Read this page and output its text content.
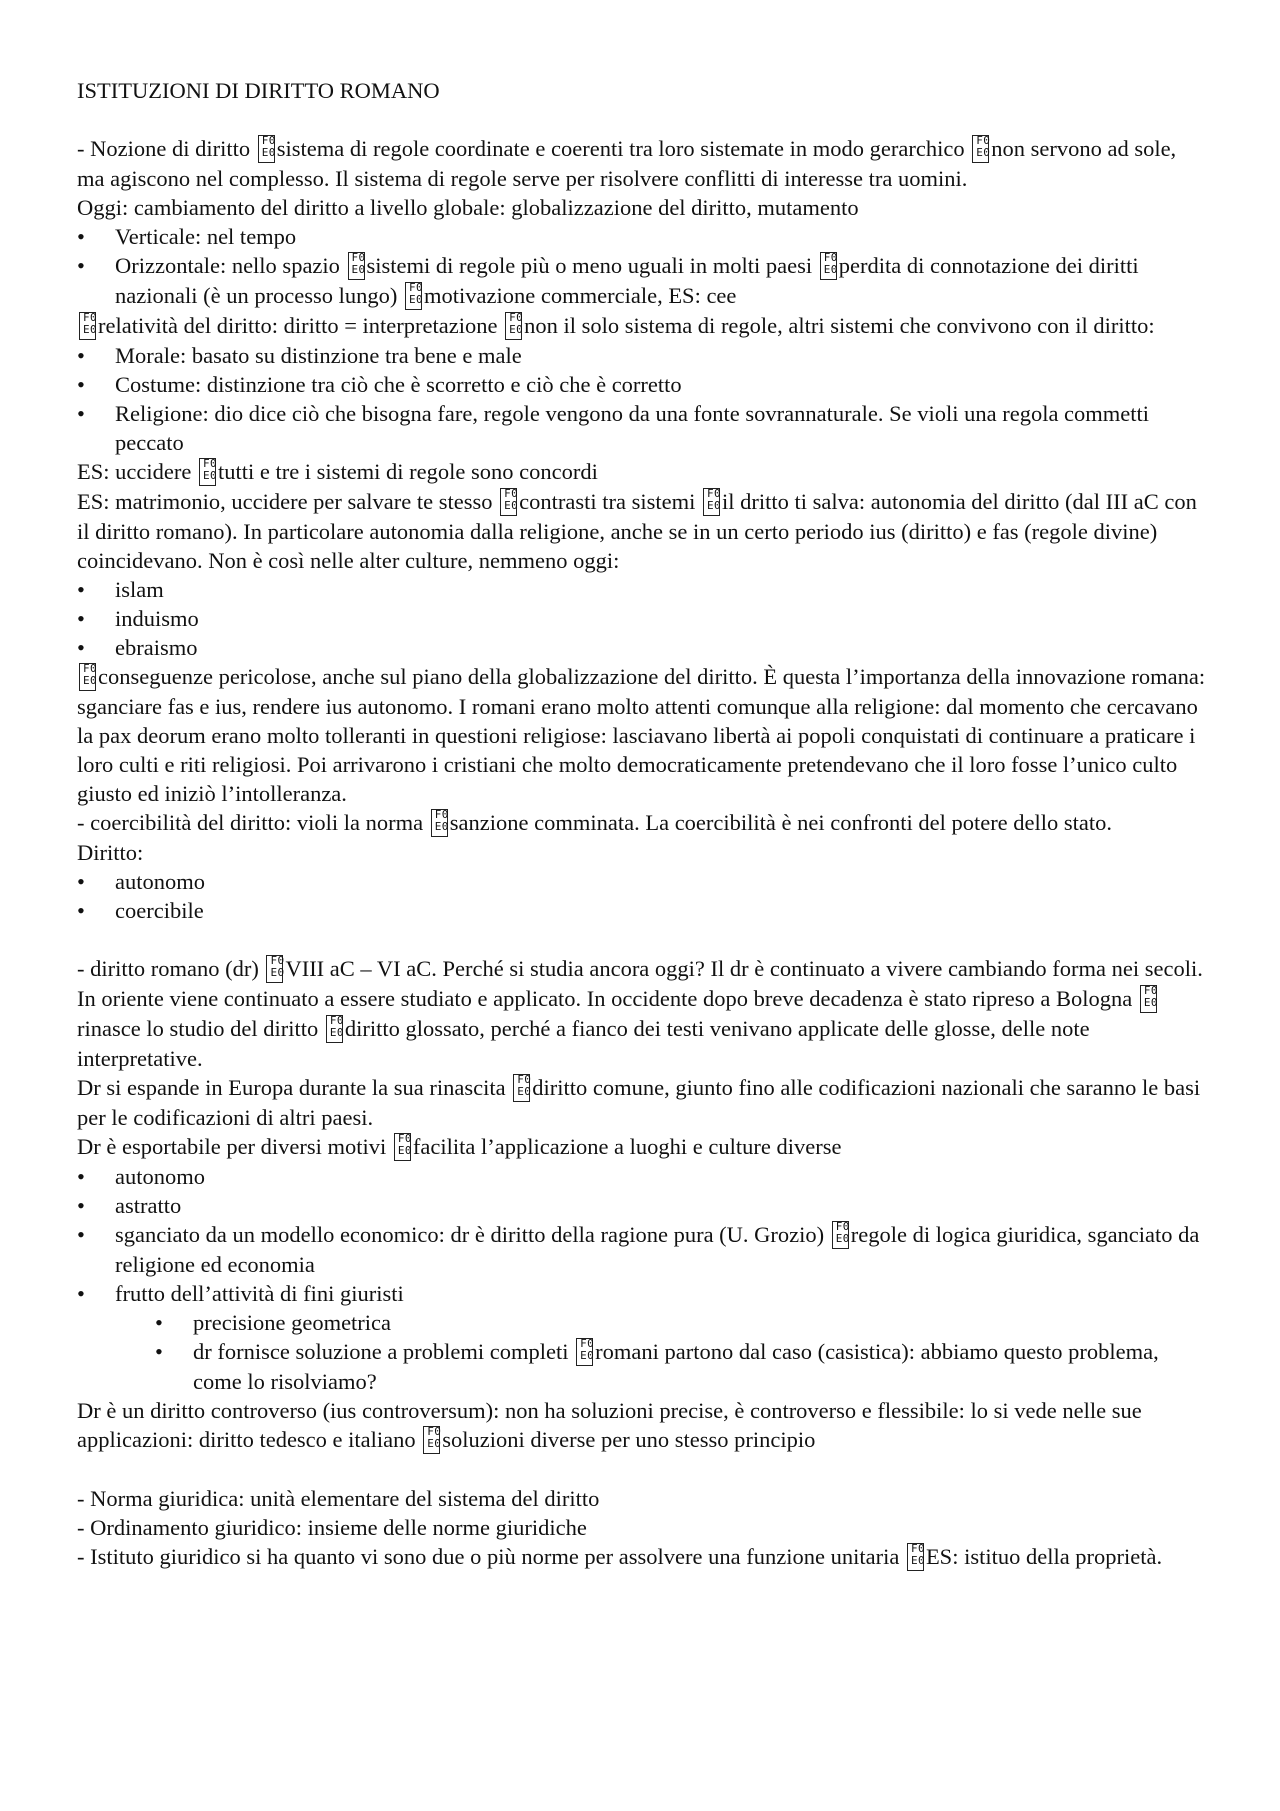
ISTITUZIONI DI DIRITTO ROMANO

- Nozione di diritto F 0
E 0 sistema di regole coordinate e coerenti tra loro sistemate in modo gerarchico F 0
E 0 non servono ad sole, ma agiscono nel complesso. Il sistema di regole serve per risolvere conflitti di interesse tra uomini.

Oggi: cambiamento del diritto a livello globale: globalizzazione del diritto, mutamento

• Verticale: nel tempo
• Orizzontale: nello spazio F 0
E 0 sistemi di regole più o meno uguali in molti paesi F 0
E 0 perdita di connotazione dei diritti nazionali (è un processo lungo) F 0
E 0 motivazione commerciale, ES: cee

F 0
E 0 relatività del diritto: diritto = interpretazione F 0
E 0 non il solo sistema di regole, altri sistemi che convivono con il diritto:

• Morale: basato su distinzione tra bene e male
• Costume: distinzione tra ciò che è scorretto e ciò che è corretto
• Religione: dio dice ciò che bisogna fare, regole vengono da una fonte sovrannaturale. Se violi una regola commetti peccato

ES: uccidere F 0
E 0 tutti e tre i sistemi di regole sono concordi

ES: matrimonio, uccidere per salvare te stesso F 0
E 0 contrasti tra sistemi F 0
E 0 il dritto ti salva: autonomia del diritto (dal III aC con il diritto romano). In particolare autonomia dalla religione, anche se in un certo periodo ius (diritto) e fas (regole divine) coincidevano. Non è così nelle alter culture, nemmeno oggi:

• islam
• induismo
• ebraismo

F 0
E 0 conseguenze pericolose, anche sul piano della globalizzazione del diritto. È questa l’importanza della innovazione romana: sganciare fas e ius, rendere ius autonomo. I romani erano molto attenti comunque alla religione: dal momento che cercavano la pax deorum erano molto tolleranti in questioni religiose: lasciavano libertà ai popoli conquistati di continuare a praticare i loro culti e riti religiosi. Poi arrivarono i cristiani che molto democraticamente pretendevano che il loro fosse l’unico culto giusto ed iniziò l’intolleranza.

- coercibilità del diritto: violi la norma F 0
E 0 sanzione comminata. La coercibilità è nei confronti del potere dello stato.

Diritto:

• autonomo
• coercibile

- diritto romano (dr) F 0
E 0 VIII aC – VI aC. Perché si studia ancora oggi? Il dr è continuato a vivere cambiando forma nei secoli. In oriente viene continuato a essere studiato e applicato. In occidente dopo breve decadenza è stato ripreso a Bologna F 0
E 0
rinasce lo studio del diritto F 0
E 0 diritto glossato, perché a fianco dei testi venivano applicate delle glosse, delle note interpretative.

Dr si espande in Europa durante la sua rinascita F 0
E 0 diritto comune, giunto fino alle codificazioni nazionali che saranno le basi per le codificazioni di altri paesi.

Dr è esportabile per diversi motivi F 0
E 0 facilita l’applicazione a luoghi e culture diverse

• autonomo
• astratto
• sganciato da un modello economico: dr è diritto della ragione pura (U. Grozio) F 0
E 0 regole di logica giuridica, sganciato da religione ed economia
• frutto dell’attività di fini giuristi
• precisione geometrica
• dr fornisce soluzione a problemi completi F 0
E 0 romani partono dal caso (casistica): abbiamo questo problema, come lo risolviamo?

Dr è un diritto controverso (ius controversum): non ha soluzioni precise, è controverso e flessibile: lo si vede nelle sue applicazioni: diritto tedesco e italiano F 0
E 0 soluzioni diverse per uno stesso principio

- Norma giuridica: unità elementare del sistema del diritto

- Ordinamento giuridico: insieme delle norme giuridiche

- Istituto giuridico si ha quanto vi sono due o più norme per assolvere una funzione unitaria F 0
E 0 ES: istituo della proprietà.
